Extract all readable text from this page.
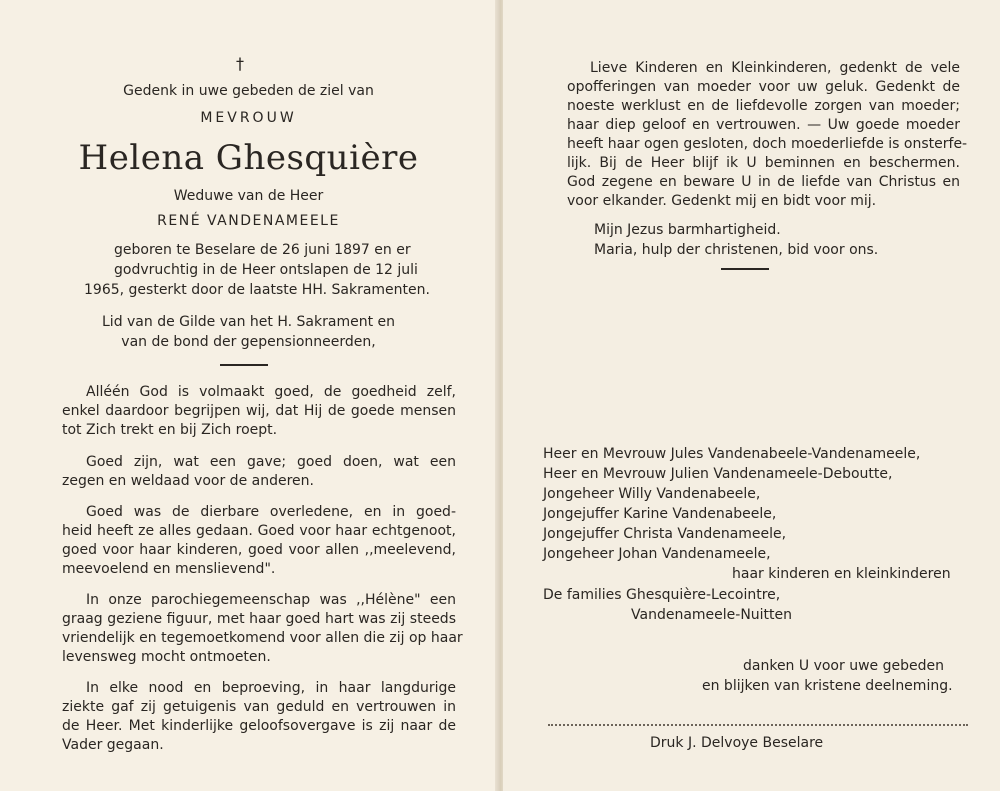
†
Gedenk in uwe gebeden de ziel van
MEVROUW
Helena Ghesquière
Weduwe van de Heer
RENÉ VANDENAMEELE
geboren te Beselare de 26 juni 1897 en er
godvruchtig in de Heer ontslapen de 12 juli
1965, gesterkt door de laatste HH. Sakramenten.
Lid van de Gilde van het H. Sakrament en
van de bond der gepensionneerden,
Alléén God is volmaakt goed, de goedheid zelf,
enkel daardoor begrijpen wij, dat Hij de goede mensen
tot Zich trekt en bij Zich roept.
Goed zijn, wat een gave; goed doen, wat een
zegen en weldaad voor de anderen.
Goed was de dierbare overledene, en in goed-
heid heeft ze alles gedaan. Goed voor haar echtgenoot,
goed voor haar kinderen, goed voor allen ,,meelevend,
meevoelend en menslievend".
In onze parochiegemeenschap was ,,Hélène" een
graag geziene figuur, met haar goed hart was zij steeds
vriendelijk en tegemoetkomend voor allen die zij op haar
levensweg mocht ontmoeten.
In elke nood en beproeving, in haar langdurige
ziekte gaf zij getuigenis van geduld en vertrouwen in
de Heer. Met kinderlijke geloofsovergave is zij naar de
Vader gegaan.
Lieve Kinderen en Kleinkinderen, gedenkt de vele
opofferingen van moeder voor uw geluk. Gedenkt de
noeste werklust en de liefdevolle zorgen van moeder;
haar diep geloof en vertrouwen. — Uw goede moeder
heeft haar ogen gesloten, doch moederliefde is onsterfe-
lijk. Bij de Heer blijf ik U beminnen en beschermen.
God zegene en beware U in de liefde van Christus en
voor elkander. Gedenkt mij en bidt voor mij.
Mijn Jezus barmhartigheid.
Maria, hulp der christenen, bid voor ons.
Heer en Mevrouw Jules Vandenabeele-Vandenameele,
Heer en Mevrouw Julien Vandenameele-Deboutte,
Jongeheer Willy Vandenabeele,
Jongejuffer Karine Vandenabeele,
Jongejuffer Christa Vandenameele,
Jongeheer Johan Vandenameele,
haar kinderen en kleinkinderen
De families Ghesquière-Lecointre,
Vandenameele-Nuitten
danken U voor uwe gebeden
en blijken van kristene deelneming.
Druk J. Delvoye Beselare
